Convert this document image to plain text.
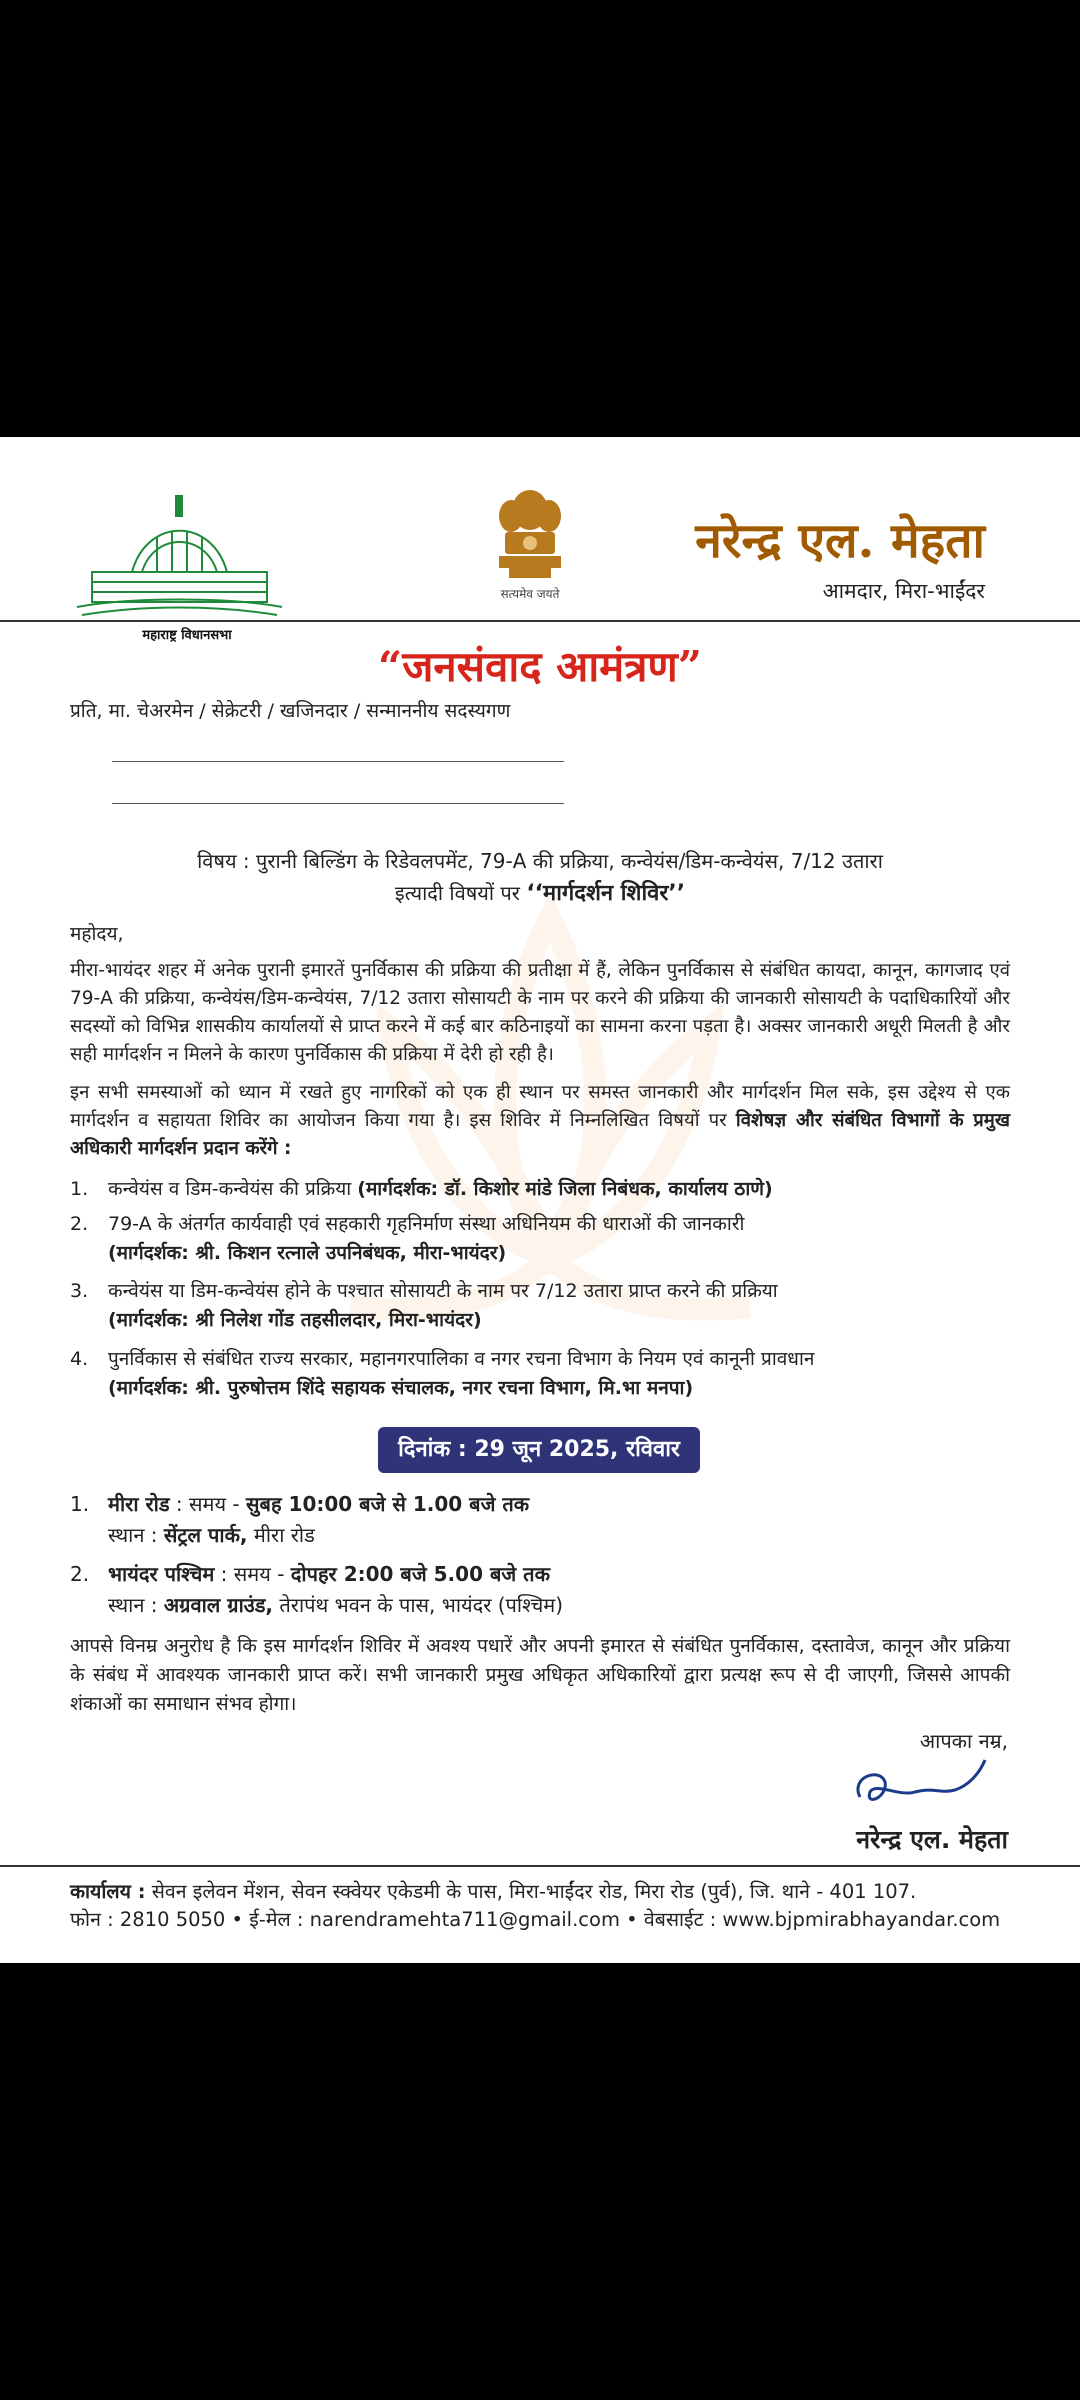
महाराष्ट्र विधानसभा
सत्यमेव जयते
नरेन्द्र एल. मेहता
आमदार, मिरा-भाईंदर
“जनसंवाद आमंत्रण”
प्रति, मा. चेअरमेन / सेक्रेटरी / खजिनदार / सन्माननीय सदस्यगण
विषय : पुरानी बिल्डिंग के रिडेवलपमेंट, 79-A की प्रक्रिया, कन्वेयंस/डिम-कन्वेयंस, 7/12 उतारा
इत्यादी विषयों पर ‘‘मार्गदर्शन शिविर’’
महोदय,
मीरा-भायंदर शहर में अनेक पुरानी इमारतें पुनर्विकास की प्रक्रिया की प्रतीक्षा में हैं, लेकिन पुनर्विकास से संबंधित कायदा, कानून, कागजाद एवं 79-A की प्रक्रिया, कन्वेयंस/डिम-कन्वेयंस, 7/12 उतारा सोसायटी के नाम पर करने की प्रक्रिया की जानकारी सोसायटी के पदाधिकारियों और सदस्यों को विभिन्न शासकीय कार्यालयों से प्राप्त करने में कई बार कठिनाइयों का सामना करना पड़ता है। अक्सर जानकारी अधूरी मिलती है और सही मार्गदर्शन न मिलने के कारण पुनर्विकास की प्रक्रिया में देरी हो रही है।
इन सभी समस्याओं को ध्यान में रखते हुए नागरिकों को एक ही स्थान पर समस्त जानकारी और मार्गदर्शन मिल सके, इस उद्देश्य से एक मार्गदर्शन व सहायता शिविर का आयोजन किया गया है। इस शिविर में निम्नलिखित विषयों पर विशेषज्ञ और संबंधित विभागों के प्रमुख अधिकारी मार्गदर्शन प्रदान करेंगे :
1. कन्वेयंस व डिम-कन्वेयंस की प्रक्रिया (मार्गदर्शक: डॉ. किशोर मांडे जिला निबंधक, कार्यालय ठाणे)
2. 79-A के अंतर्गत कार्यवाही एवं सहकारी गृहनिर्माण संस्था अधिनियम की धाराओं की जानकारी
(मार्गदर्शक: श्री. किशन रत्नाले उपनिबंधक, मीरा-भायंदर)
3. कन्वेयंस या डिम-कन्वेयंस होने के पश्चात सोसायटी के नाम पर 7/12 उतारा प्राप्त करने की प्रक्रिया
(मार्गदर्शक: श्री निलेश गोंड तहसीलदार, मिरा-भायंदर)
4. पुनर्विकास से संबंधित राज्य सरकार, महानगरपालिका व नगर रचना विभाग के नियम एवं कानूनी प्रावधान
(मार्गदर्शक: श्री. पुरुषोत्तम शिंदे सहायक संचालक, नगर रचना विभाग, मि.भा मनपा)
दिनांक : 29 जून 2025, रविवार
1. मीरा रोड : समय - सुबह 10:00 बजे से 1.00 बजे तक
स्थान : सेंट्रल पार्क, मीरा रोड
2. भायंदर पश्चिम : समय - दोपहर 2:00 बजे 5.00 बजे तक
स्थान : अग्रवाल ग्राउंड, तेरापंथ भवन के पास, भायंदर (पश्चिम)
आपसे विनम्र अनुरोध है कि इस मार्गदर्शन शिविर में अवश्य पधारें और अपनी इमारत से संबंधित पुनर्विकास, दस्तावेज, कानून और प्रक्रिया के संबंध में आवश्यक जानकारी प्राप्त करें। सभी जानकारी प्रमुख अधिकृत अधिकारियों द्वारा प्रत्यक्ष रूप से दी जाएगी, जिससे आपकी शंकाओं का समाधान संभव होगा।
आपका नम्र,
नरेन्द्र एल. मेहता
कार्यालय : सेवन इलेवन मेंशन, सेवन स्क्वेयर एकेडमी के पास, मिरा-भाईंदर रोड, मिरा रोड (पुर्व), जि. थाने - 401 107.
फोन : 2810 5050 • ई-मेल : narendramehta711@gmail.com • वेबसाईट : www.bjpmirabhayandar.com
